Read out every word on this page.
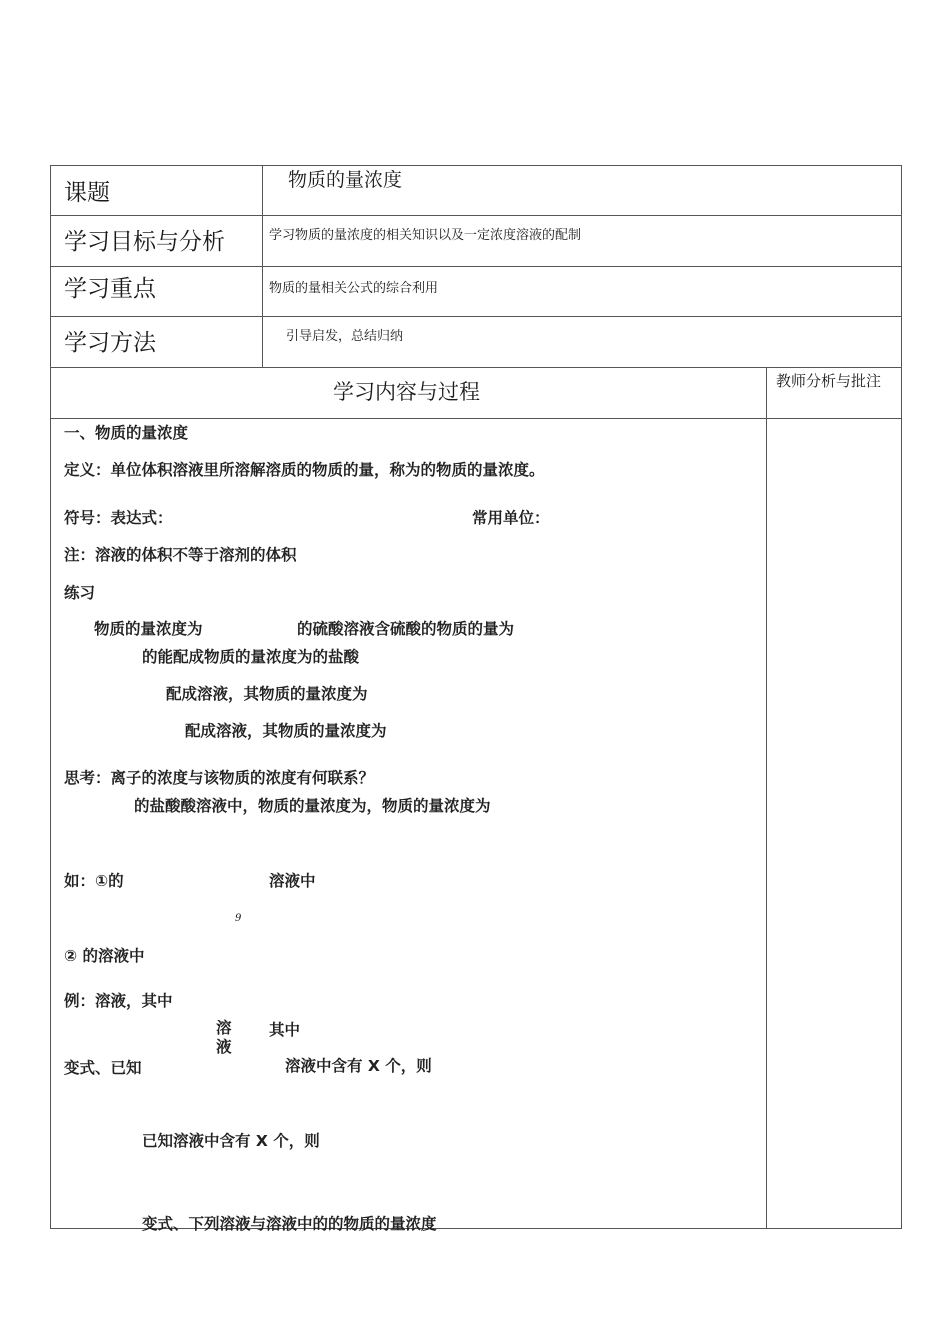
课题	物质的量浓度
学习目标与分析	学习物质的量浓度的相关知识以及一定浓度溶液的配制
学习重点	物质的量相关公式的综合利用
学习方法	引导启发，总结归纳
学习内容与过程	教师分析与批注
一、物质的量浓度
定义：单位体积溶液里所溶解溶质的物质的量，称为的物质的量浓度。
符号：表达式：	常用单位：
注：溶液的体积不等于溶剂的体积
练习
物质的量浓度为	的硫酸溶液含硫酸的物质的量为
的能配成物质的量浓度为的盐酸
配成溶液，其物质的量浓度为
配成溶液，其物质的量浓度为
思考：离子的浓度与该物质的浓度有何联系？
的盐酸酸溶液中，物质的量浓度为，物质的量浓度为
如：①的	溶液中
9
② 的溶液中
例：溶液，其中
溶液
其中
变式、已知	溶液中含有 X 个，则
已知溶液中含有 X 个，则
变式、下列溶液与溶液中的的物质的量浓度
